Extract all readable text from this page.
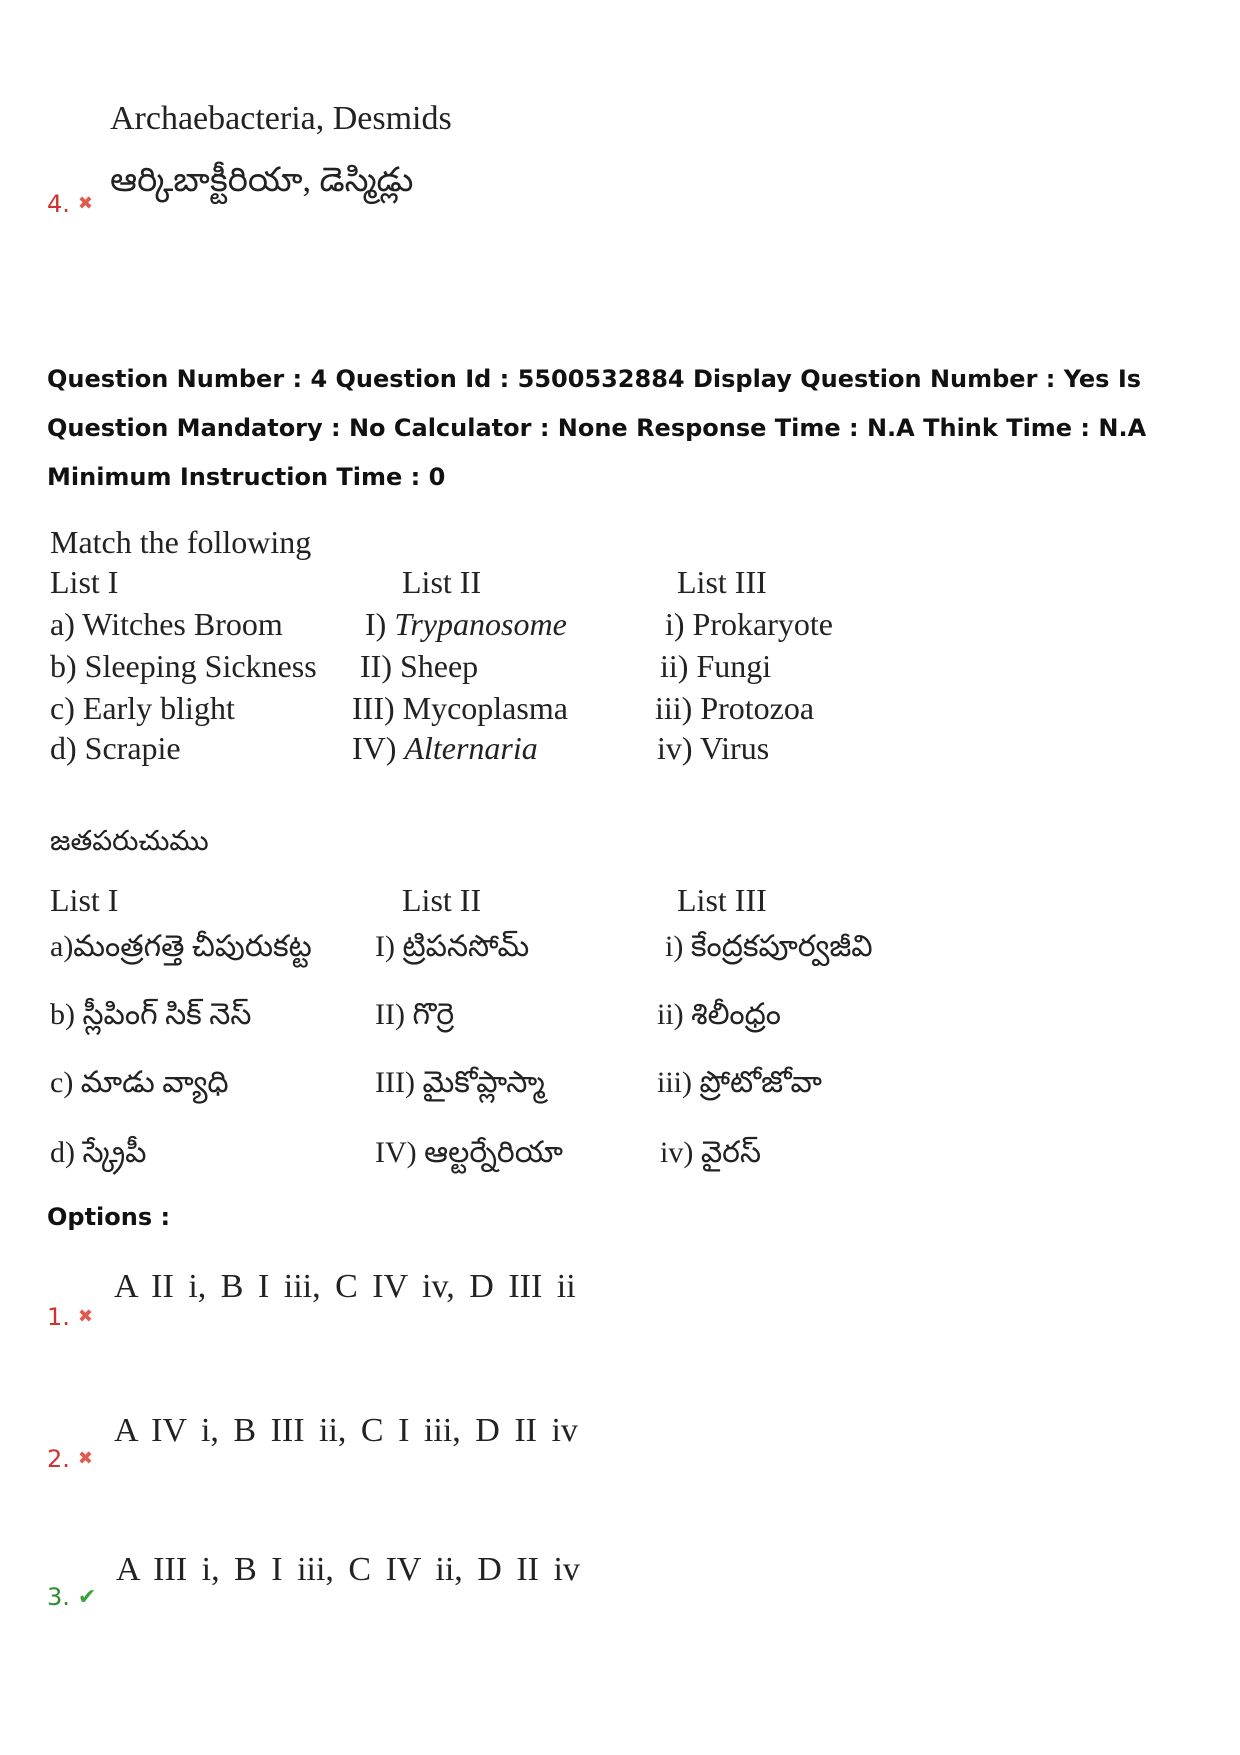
Archaebacteria, Desmids
4. ✖
ఆర్కిబాక్టీరియా, డెస్మిడ్లు
Question Number : 4 Question Id : 5500532884 Display Question Number : Yes Is Question Mandatory : No Calculator : None Response Time : N.A Think Time : N.A Minimum Instruction Time : 0
Match the following
List I	List II	List III
a) Witches Broom	I) Trypanosome	i) Prokaryote
b) Sleeping Sickness II) Sheep	ii) Fungi
c) Early blight	III) Mycoplasma	iii) Protozoa
d) Scrapie	IV) Alternaria	iv) Virus
జతపరుచుము
List I	List II	List III
a)మంత్రగత్తె చీపురుకట్ట I) ట్రిపనసోమ్	i) కేంద్రకపూర్వజీవి
b) స్లీపింగ్ సిక్ నెస్	II) గొర్రె	ii) శిలీంధ్రం
c) మాడు వ్యాధి	III) మైకోప్లాస్మా	iii) ప్రోటోజోవా
d) స్క్రేపీ	IV) ఆల్టర్నేరియా	iv) వైరస్
Options :
1. ✖
A II i, B I iii, C IV iv, D III ii
2. ✖
A IV i, B III ii, C I iii, D II iv
3. ✔
A III i, B I iii, C IV ii, D II iv
